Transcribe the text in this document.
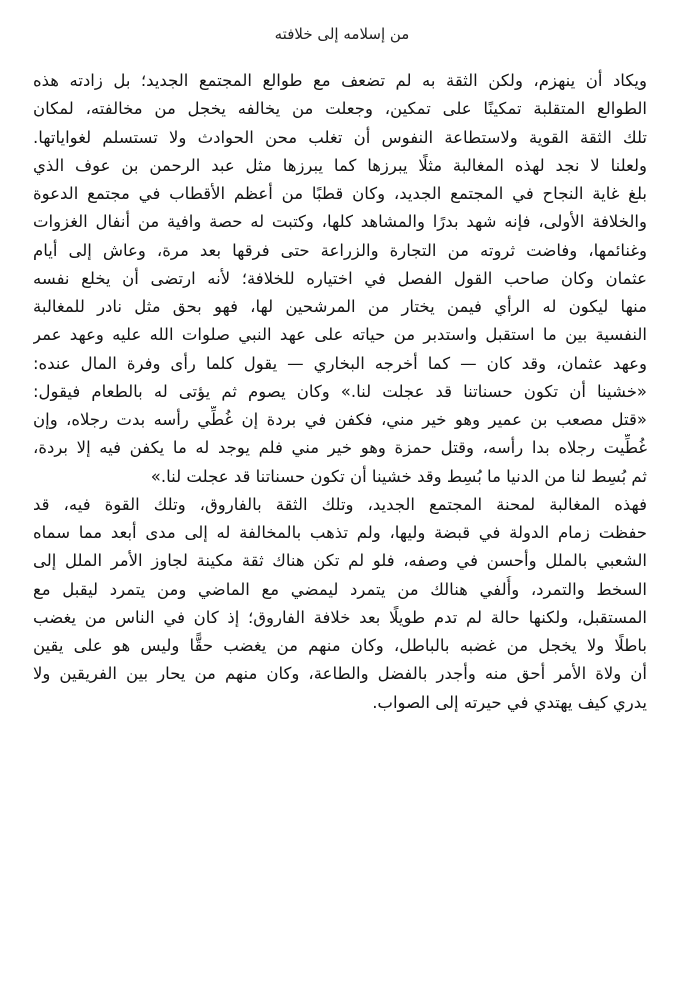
من إسلامه إلى خلافته
ويكاد أن ينهزم، ولكن الثقة به لم تضعف مع طوالع المجتمع الجديد؛ بل زادته هذه
الطوالع المتقلبة تمكينًا على تمكين، وجعلت من يخالفه يخجل من مخالفته، لمكان
تلك الثقة القوية ولاستطاعة النفوس أن تغلب محن الحوادث ولا تستسلم لغواياتها.
ولعلنا لا نجد لهذه المغالبة مثلًا يبرزها كما يبرزها مثل عبد الرحمن بن عوف الذي
بلغ غاية النجاح في المجتمع الجديد، وكان قطبًا من أعظم الأقطاب في مجتمع الدعوة
والخلافة الأولى، فإنه شهد بدرًا والمشاهد كلها، وكتبت له حصة وافية من أنفال الغزوات
وغنائمها، وفاضت ثروته من التجارة والزراعة حتى فرقها بعد مرة، وعاش إلى أيام
عثمان وكان صاحب القول الفصل في اختياره للخلافة؛ لأنه ارتضى أن يخلع نفسه
منها ليكون له الرأي فيمن يختار من المرشحين لها، فهو بحق مثل نادر للمغالبة
النفسية بين ما استقبل واستدبر من حياته على عهد النبي صلوات الله عليه وعهد عمر
وعهد عثمان، وقد كان — كما أخرجه البخاري — يقول كلما رأى وفرة المال عنده:
«خشينا أن تكون حسناتنا قد عجلت لنا.» وكان يصوم ثم يؤتى له بالطعام فيقول:
«قتل مصعب بن عمير وهو خير مني، فكفن في بردة إن غُطِّي رأسه بدت رجلاه، وإن
غُطِّيت رجلاه بدا رأسه، وقتل حمزة وهو خير مني فلم يوجد له ما يكفن فيه إلا بردة،
ثم بُسِط لنا من الدنيا ما بُسِط وقد خشينا أن تكون حسناتنا قد عجلت لنا.»
فهذه المغالبة لمحنة المجتمع الجديد، وتلك الثقة بالفاروق، وتلك القوة فيه، قد
حفظت زمام الدولة في قبضة وليها، ولم تذهب بالمخالفة له إلى مدى أبعد مما سماه
الشعبي بالملل وأحسن في وصفه، فلو لم تكن هناك ثقة مكينة لجاوز الأمر الملل إلى
السخط والتمرد، وأُلفي هنالك من يتمرد ليمضي مع الماضي ومن يتمرد ليقبل مع
المستقبل، ولكنها حالة لم تدم طويلًا بعد خلافة الفاروق؛ إذ كان في الناس من يغضب
باطلًا ولا يخجل من غضبه بالباطل، وكان منهم من يغضب حقًّا وليس هو على يقين
أن ولاة الأمر أحق منه وأجدر بالفضل والطاعة، وكان منهم من يحار بين الفريقين ولا
يدري كيف يهتدي في حيرته إلى الصواب.
